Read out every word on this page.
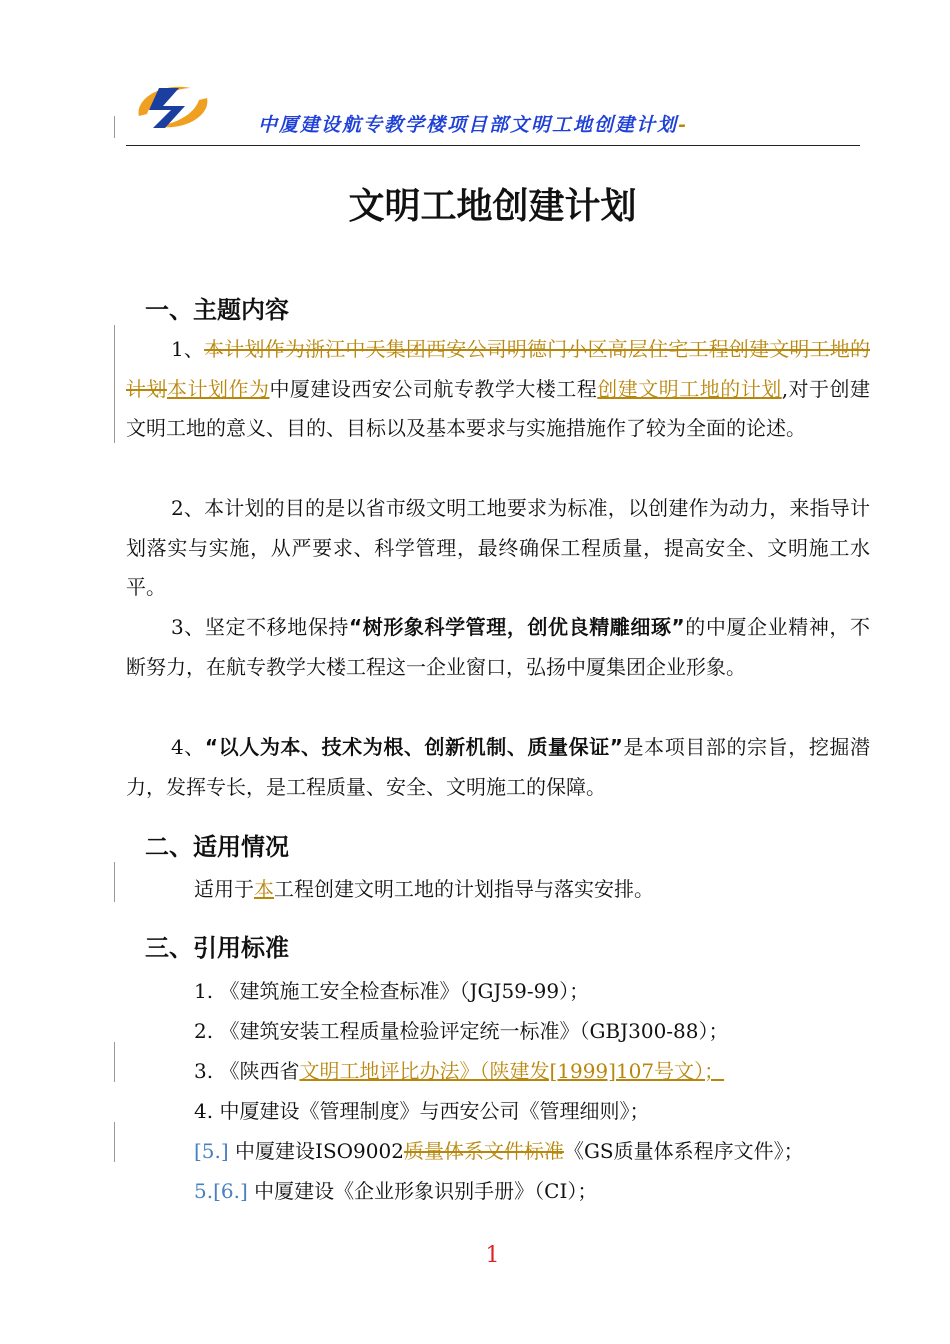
中厦建设航专教学楼项目部文明工地创建计划-
文明工地创建计划
一、主题内容
1、本计划作为浙江中天集团西安公司明德门小区高层住宅工程创建文明工地的计划本计划作为中厦建设西安公司航专教学大楼工程创建文明工地的计划,对于创建文明工地的意义、目的、目标以及基本要求与实施措施作了较为全面的论述。
2、本计划的目的是以省市级文明工地要求为标准，以创建作为动力，来指导计划落实与实施，从严要求、科学管理，最终确保工程质量，提高安全、文明施工水平。
3、坚定不移地保持“树形象科学管理，创优良精雕细琢”的中厦企业精神，不断努力，在航专教学大楼工程这一企业窗口，弘扬中厦集团企业形象。
4、“以人为本、技术为根、创新机制、质量保证”是本项目部的宗旨，挖掘潜力，发挥专长，是工程质量、安全、文明施工的保障。
二、适用情况
适用于本工程创建文明工地的计划指导与落实安排。
三、引用标准
1. 《建筑施工安全检查标准》（JGJ59-99）；
2. 《建筑安装工程质量检验评定统一标准》（GBJ300-88）；
3. 《陕西省文明工地评比办法》（陕建发[1999]107号文）；
4. 中厦建设《管理制度》与西安公司《管理细则》；
[5.] 中厦建设ISO9002质量体系文件标准《GS质量体系程序文件》；
5.[6.] 中厦建设《企业形象识别手册》（CI）；
1
